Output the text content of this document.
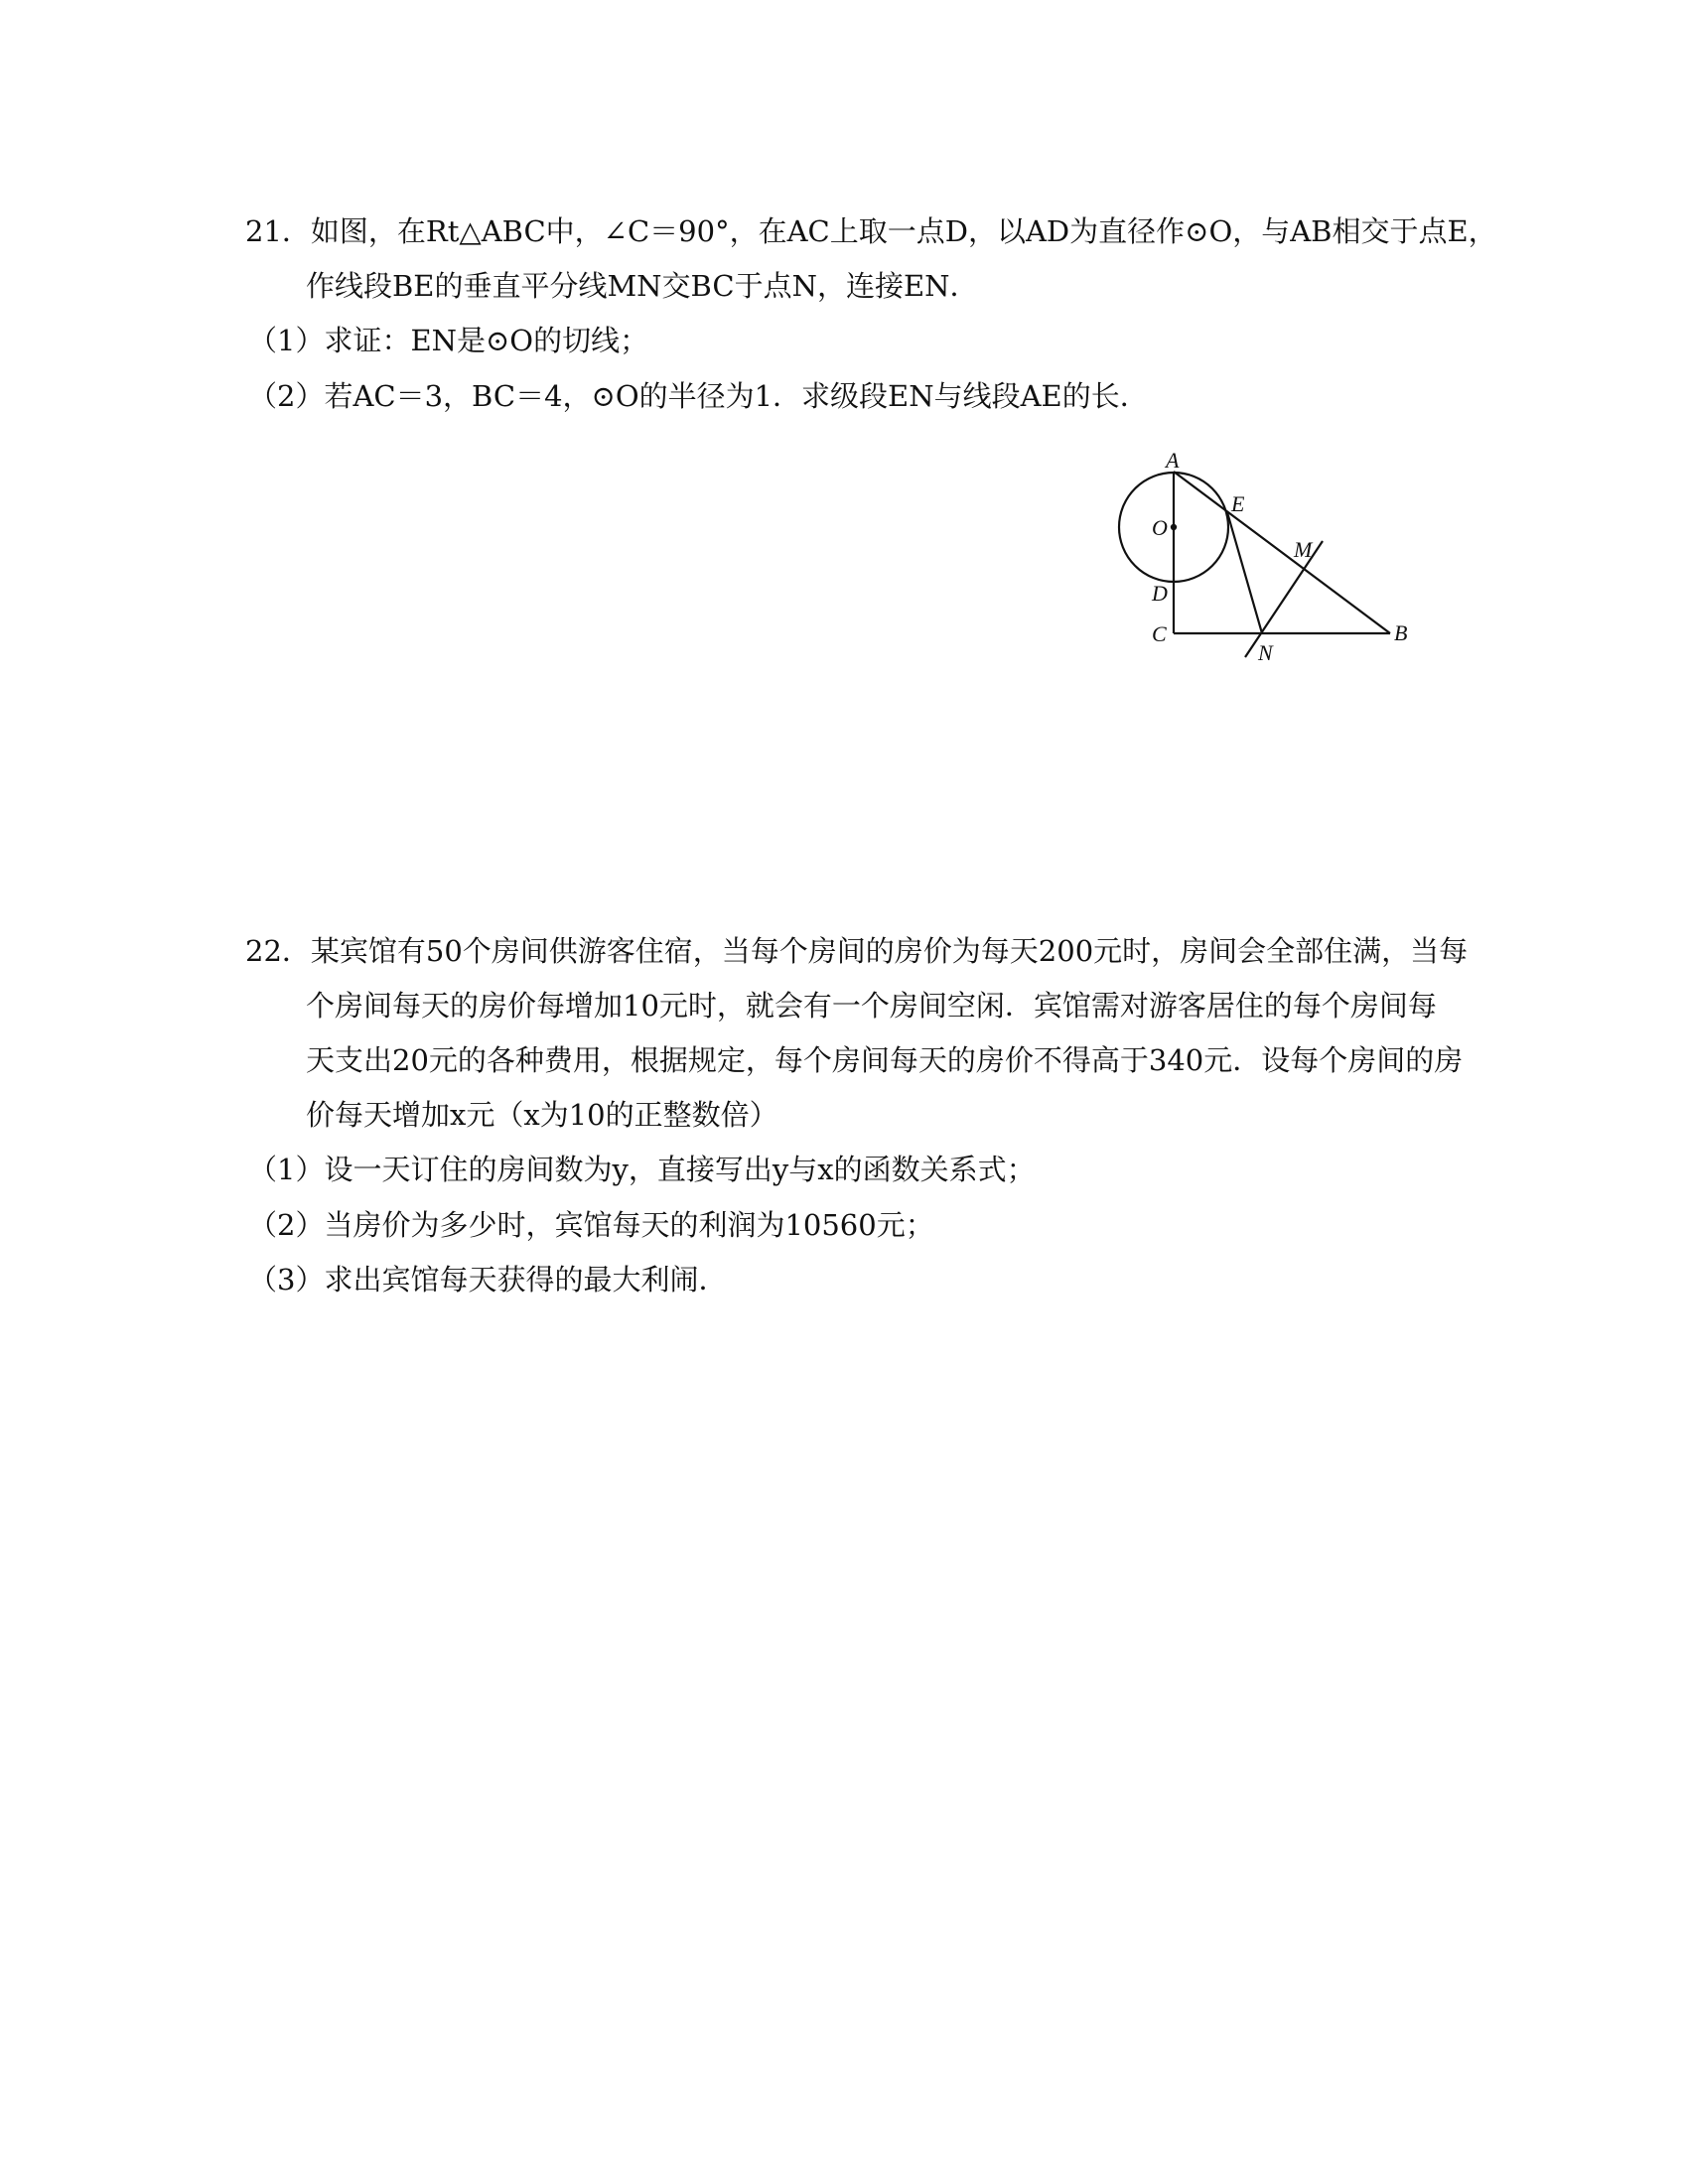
21．如图，在Rt△ABC中，∠C＝90°，在AC上取一点D，以AD为直径作⊙O，与AB相交于点E，
作线段BE的垂直平分线MN交BC于点N，连接EN．
（1）求证：EN是⊙O的切线；
（2）若AC＝3，BC＝4，⊙O的半径为1．求级段EN与线段AE的长．
A
E
O
M
D
C
N
B
22．某宾馆有50个房间供游客住宿，当每个房间的房价为每天200元时，房间会全部住满，当每
个房间每天的房价每增加10元时，就会有一个房间空闲．宾馆需对游客居住的每个房间每
天支出20元的各种费用，根据规定，每个房间每天的房价不得高于340元．设每个房间的房
价每天增加x元（x为10的正整数倍）
（1）设一天订住的房间数为y，直接写出y与x的函数关系式；
（2）当房价为多少时，宾馆每天的利润为10560元；
（3）求出宾馆每天获得的最大利闹．
